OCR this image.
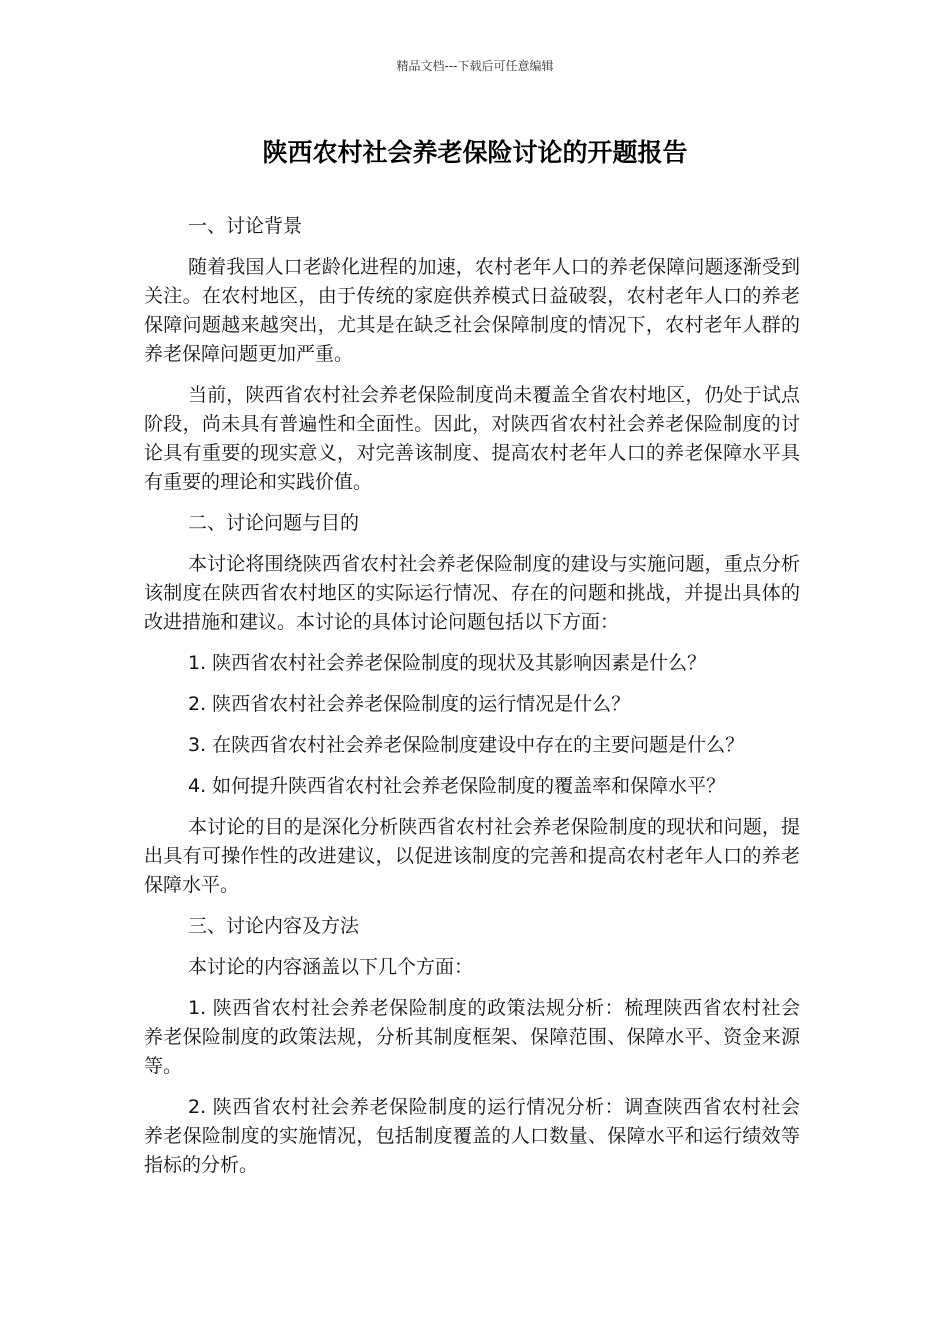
精品文档---下载后可任意编辑
陕西农村社会养老保险讨论的开题报告

一、讨论背景

随着我国人口老龄化进程的加速，农村老年人口的养老保障问题逐渐受到关注。在农村地区，由于传统的家庭供养模式日益破裂，农村老年人口的养老保障问题越来越突出，尤其是在缺乏社会保障制度的情况下，农村老年人群的养老保障问题更加严重。

当前，陕西省农村社会养老保险制度尚未覆盖全省农村地区，仍处于试点阶段，尚未具有普遍性和全面性。因此，对陕西省农村社会养老保险制度的讨论具有重要的现实意义，对完善该制度、提高农村老年人口的养老保障水平具有重要的理论和实践价值。

二、讨论问题与目的

本讨论将围绕陕西省农村社会养老保险制度的建设与实施问题，重点分析该制度在陕西省农村地区的实际运行情况、存在的问题和挑战，并提出具体的改进措施和建议。本讨论的具体讨论问题包括以下方面：

1. 陕西省农村社会养老保险制度的现状及其影响因素是什么？

2. 陕西省农村社会养老保险制度的运行情况是什么？

3. 在陕西省农村社会养老保险制度建设中存在的主要问题是什么？

4. 如何提升陕西省农村社会养老保险制度的覆盖率和保障水平？

本讨论的目的是深化分析陕西省农村社会养老保险制度的现状和问题，提出具有可操作性的改进建议，以促进该制度的完善和提高农村老年人口的养老保障水平。

三、讨论内容及方法

本讨论的内容涵盖以下几个方面：

1. 陕西省农村社会养老保险制度的政策法规分析：梳理陕西省农村社会养老保险制度的政策法规，分析其制度框架、保障范围、保障水平、资金来源等。

2. 陕西省农村社会养老保险制度的运行情况分析：调查陕西省农村社会养老保险制度的实施情况，包括制度覆盖的人口数量、保障水平和运行绩效等指标的分析。
